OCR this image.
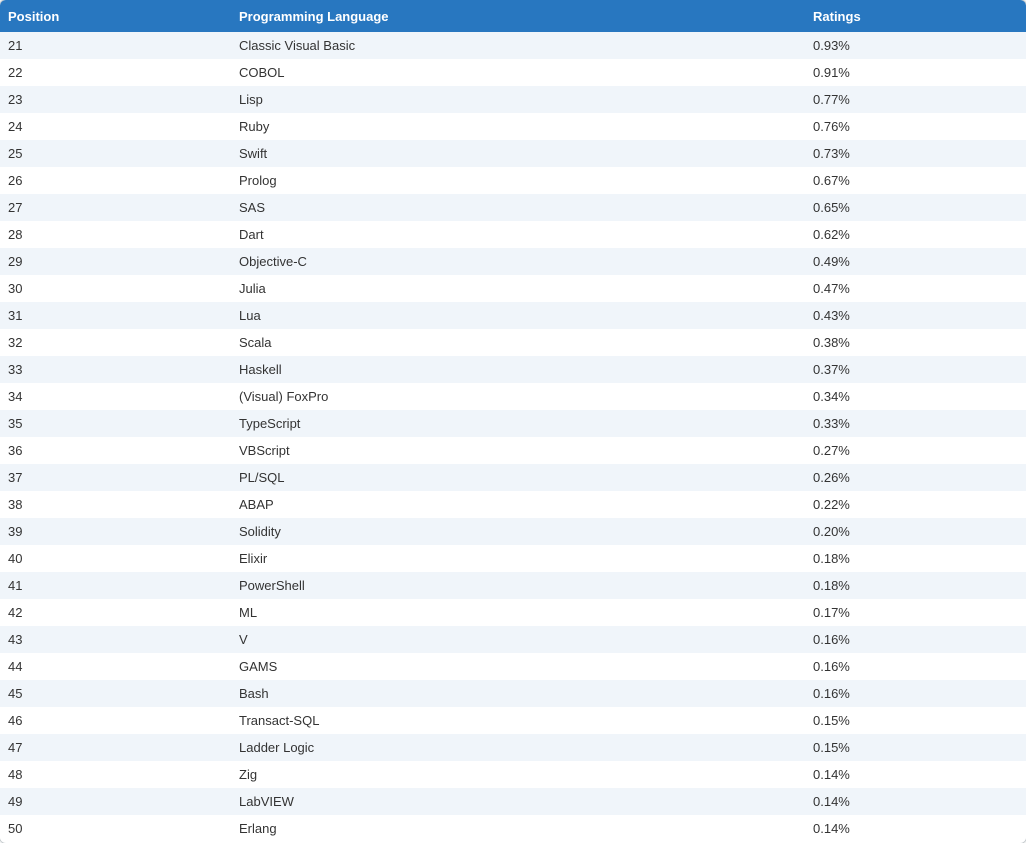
Position	Programming Language	Ratings
21	Classic Visual Basic	0.93%
22	COBOL	0.91%
23	Lisp	0.77%
24	Ruby	0.76%
25	Swift	0.73%
26	Prolog	0.67%
27	SAS	0.65%
28	Dart	0.62%
29	Objective-C	0.49%
30	Julia	0.47%
31	Lua	0.43%
32	Scala	0.38%
33	Haskell	0.37%
34	(Visual) FoxPro	0.34%
35	TypeScript	0.33%
36	VBScript	0.27%
37	PL/SQL	0.26%
38	ABAP	0.22%
39	Solidity	0.20%
40	Elixir	0.18%
41	PowerShell	0.18%
42	ML	0.17%
43	V	0.16%
44	GAMS	0.16%
45	Bash	0.16%
46	Transact-SQL	0.15%
47	Ladder Logic	0.15%
48	Zig	0.14%
49	LabVIEW	0.14%
50	Erlang	0.14%
